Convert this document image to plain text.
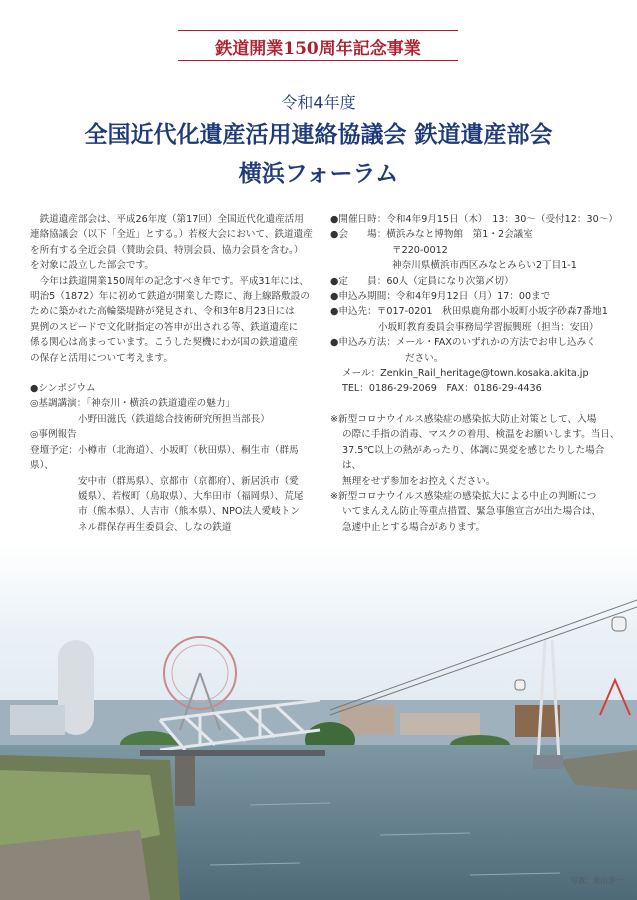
鉄道開業150周年記念事業
令和4年度
全国近代化遺産活用連絡協議会 鉄道遺産部会
横浜フォーラム

　鉄道遺産部会は、平成26年度（第17回）全国近代化遺産活用

連絡協議会（以下「全近」とする。）若桜大会において、鉄道遺産

を所有する全近会員（賛助会員、特別会員、協力会員を含む。）

を対象に設立した部会です。

　今年は鉄道開業150周年の記念すべき年です。平成31年には、

明治5（1872）年に初めて鉄道が開業した際に、海上線路敷設の

ために築かれた高輪築堤跡が発見され、令和3年8月23日には

異例のスピードで文化財指定の答申が出される等、鉄道遺産に

係る関心は高まっています。こうした契機にわが国の鉄道遺産

の保存と活用について考えます。

●シンポジウム

◎基調講演：「神奈川・横浜の鉄道遺産の魅力」

小野田滋氏（鉄道総合技術研究所担当部長）

◎事例報告

登壇予定：小樽市（北海道）、小坂町（秋田県）、桐生市（群馬県）、

安中市（群馬県）、京都市（京都府）、新居浜市（愛

媛県）、若桜町（鳥取県）、大牟田市（福岡県）、荒尾

市（熊本県）、人吉市（熊本県）、NPO法人愛岐トン

ネル群保存再生委員会、しなの鉄道

●開催日時：令和4年9月15日（木）　13：30～（受付12：30～）

●会　　場：横浜みなと博物館　第1・2会議室

〒220-0012

神奈川県横浜市西区みなとみらい2丁目1-1

●定　　員：60人（定員になり次第〆切）

●申込み期間：令和4年9月12日（月）17：00まで

●申込先：〒017-0201　秋田県鹿角郡小坂町小坂字砂森7番地1

小坂町教育委員会事務局学習振興班（担当：安田）

●申込み方法：メール・FAXのいずれかの方法でお申し込みく

ださい。

メール：Zenkin_Rail_heritage@town.kosaka.akita.jp

TEL：0186-29-2069　FAX：0186-29-4436

※新型コロナウイルス感染症の感染拡大防止対策として、入場

の際に手指の消毒、マスクの着用、検温をお願いします。当日、

37.5℃以上の熱があったり、体調に異変を感じたりした場合は、

無理をせず参加をお控えください。

※新型コロナウイルス感染症の感染拡大による中止の判断につ

いてまんえん防止等重点措置、緊急事態宣言が出た場合は、

急遽中止とする場合があります。

写真：米山淳一
